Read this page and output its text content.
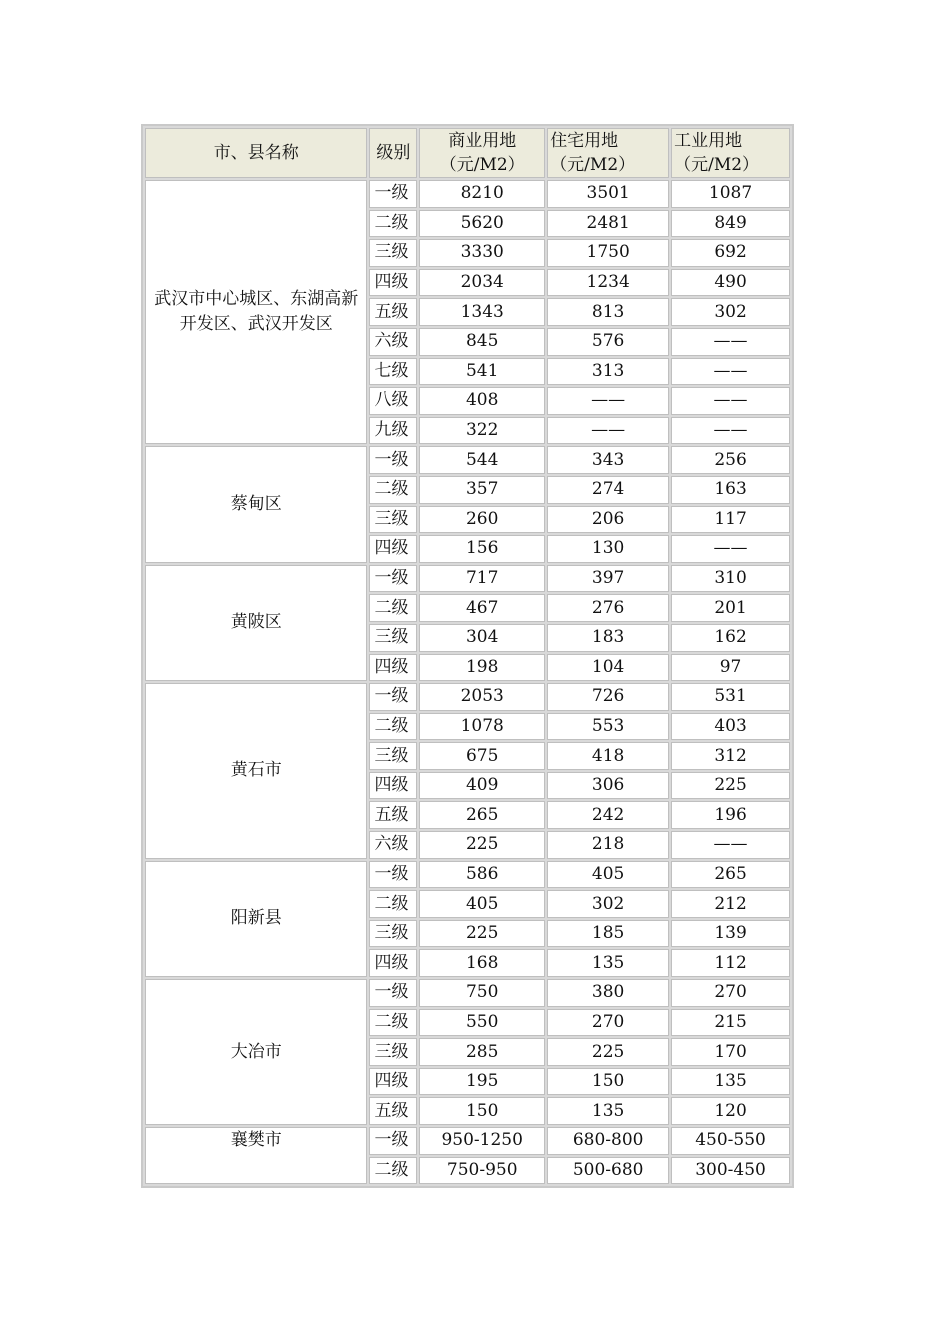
市、县名称	级别	商业用地（元/M2）	住宅用地（元/M2）	工业用地（元/M2）
武汉市中心城区、东湖高新开发区、武汉开发区	一级	8210	3501	1087
	二级	5620	2481	849
	三级	3330	1750	692
	四级	2034	1234	490
	五级	1343	813	302
	六级	845	576	——
	七级	541	313	——
	八级	408	——	——
	九级	322	——	——
蔡甸区	一级	544	343	256
	二级	357	274	163
	三级	260	206	117
	四级	156	130	——
黄陂区	一级	717	397	310
	二级	467	276	201
	三级	304	183	162
	四级	198	104	97
黄石市	一级	2053	726	531
	二级	1078	553	403
	三级	675	418	312
	四级	409	306	225
	五级	265	242	196
	六级	225	218	——
阳新县	一级	586	405	265
	二级	405	302	212
	三级	225	185	139
	四级	168	135	112
大冶市	一级	750	380	270
	二级	550	270	215
	三级	285	225	170
	四级	195	150	135
	五级	150	135	120
襄樊市	一级	950-1250	680-800	450-550
	二级	750-950	500-680	300-450
